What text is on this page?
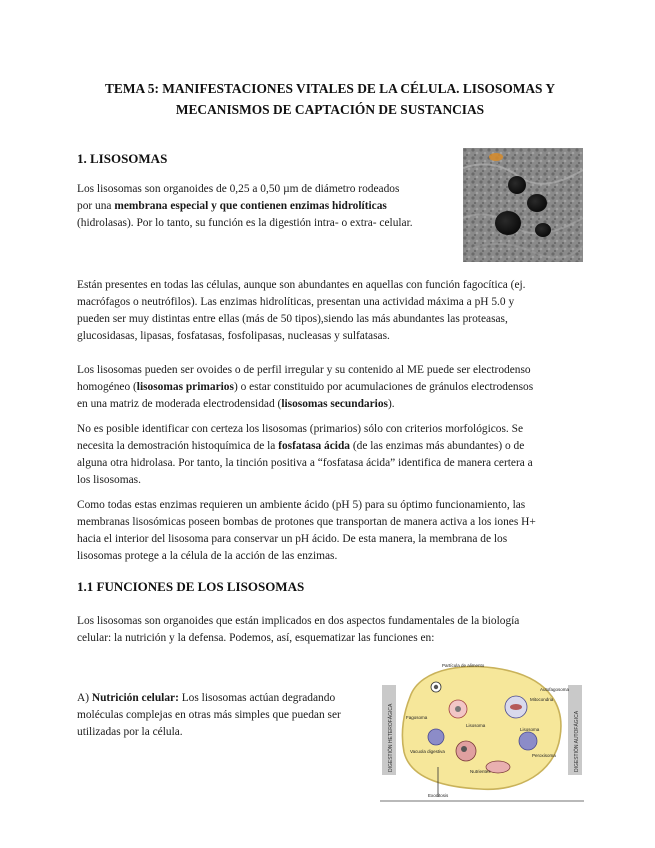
TEMA 5: MANIFESTACIONES VITALES DE LA CÉLULA. LISOSOMAS Y
MECANISMOS DE CAPTACIÓN DE SUSTANCIAS
1. LISOSOMAS
Los lisosomas son organoides de 0,25 a 0,50 µm de diámetro rodeados
por una membrana especial y que contienen enzimas hidrolíticas
(hidrolasas). Por lo tanto, su función es la digestión intra- o extra- celular.
Están presentes en todas las células, aunque son abundantes en aquellas con función fagocítica (ej.
macrófagos o neutrófilos). Las enzimas hidrolíticas, presentan una actividad máxima a pH 5.0 y
pueden ser muy distintas entre ellas (más de 50 tipos),siendo las más abundantes las proteasas,
glucosidasas, lipasas, fosfatasas, fosfolipasas, nucleasas y sulfatasas.
Los lisosomas pueden ser ovoides o de perfil irregular y su contenido al ME puede ser electrodenso
homogéneo (lisosomas primarios) o estar constituido por acumulaciones de gránulos electrodensos
en una matriz de moderada electrodensidad (lisosomas secundarios).
No es posible identificar con certeza los lisosomas (primarios) sólo con criterios morfológicos. Se
necesita la demostración histoquímica de la fosfatasa ácida (de las enzimas más abundantes) o de
alguna otra hidrolasa. Por tanto, la tinción positiva a “fosfatasa ácida” identifica de manera certera a
los lisosomas.
Como todas estas enzimas requieren un ambiente ácido (pH 5) para su óptimo funcionamiento, las
membranas lisosómicas poseen bombas de protones que transportan de manera activa a los iones H+
hacia el interior del lisosoma para conservar un pH ácido. De esta manera, la membrana de los
lisosomas protege a la célula de la acción de las enzimas.
1.1 FUNCIONES DE LOS LISOSOMAS
Los lisosomas son organoides que están implicados en dos aspectos fundamentales de la biología
celular: la nutrición y la defensa. Podemos, así, esquematizar las funciones en:
A) Nutrición celular: Los lisosomas actúan degradando
moléculas complejas en otras más simples que puedan ser
utilizadas por la célula.	DIGESTIÓN HETEROFÁGICA	DIGESTIÓN AUTOFÁGICA
Partícula de alimento
Fagosoma
Lisosoma
Vacuola digestiva
Nutrientes
Autofagosoma
Lisosoma
Peroxisoma
Mitocondria
Exocitosis
